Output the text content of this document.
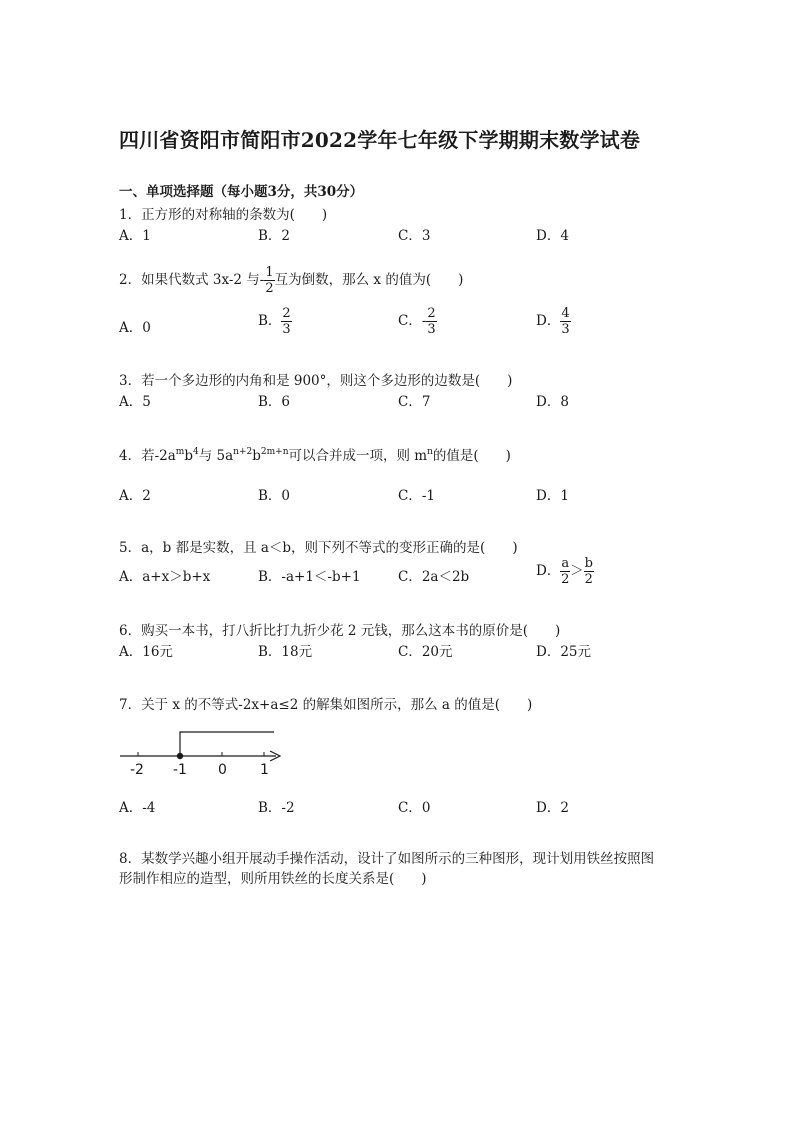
四川省资阳市简阳市2022学年七年级下学期期末数学试卷
一、单项选择题（每小题3分，共30分）
1．正方形的对称轴的条数为(　　)
A．1	B．2	C．3	D．4
2．如果代数式 3x-2 与- $\frac{1}{2}$ 互为倒数，那么 x 的值为(　　)
A．0	B． $\frac{2}{3}$	C．- $\frac{2}{3}$	D． $\frac{4}{3}$
3．若一个多边形的内角和是 900°，则这个多边形的边数是(　　)
A．5	B．6	C．7	D．8
4．若$-2a^mb^4$与 $5a^{n+2}b^{2m+n}$可以合并成一项，则 $m^n$的值是(　　)
A．2	B．0	C．-1	D．1
5．a，b 都是实数，且 a＜b，则下列不等式的变形正确的是(　　)
A．a+x＞b+x	B．-a+1＜-b+1	C．2a＜2b	D． $\frac{a}{2} > \frac{b}{2}$
6．购买一本书，打八折比打九折少花 2 元钱，那么这本书的原价是(　　)
A．16元	B．18元	C．20元	D．25元
7．关于 x 的不等式-2x+a≤2 的解集如图所示，那么 a 的值是(　　)
-2 -1 0 1
A．-4	B．-2	C．0	D．2
8．某数学兴趣小组开展动手操作活动，设计了如图所示的三种图形，现计划用铁丝按照图
形制作相应的造型，则所用铁丝的长度关系是(　　)
